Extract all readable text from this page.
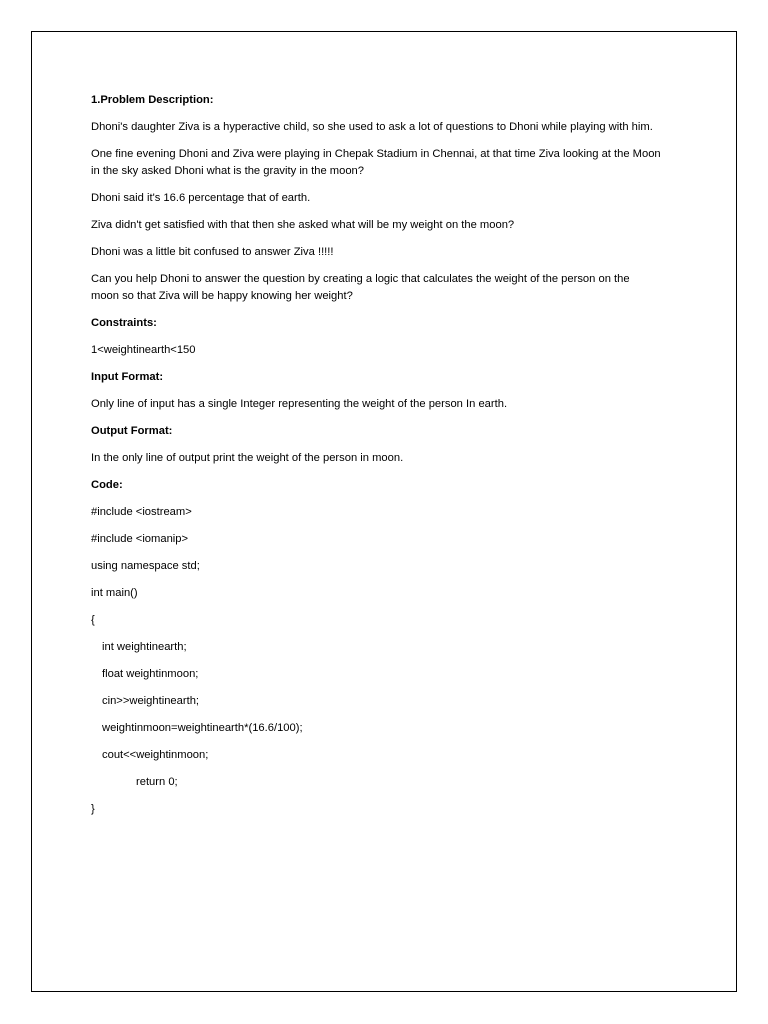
1.Problem Description:
Dhoni's daughter Ziva is a hyperactive child, so she used to ask a lot of questions to Dhoni while playing with him.
One fine evening Dhoni and Ziva were playing in Chepak Stadium in Chennai, at that time Ziva looking at the Moon
in the sky asked Dhoni what is the gravity in the moon?
Dhoni said it's 16.6 percentage that of earth.
Ziva didn't get satisfied with that then she asked what will be my weight on the moon?
Dhoni was a little bit confused to answer Ziva !!!!!
Can you help Dhoni to answer the question by creating a logic that calculates the weight of the person on the
moon so that Ziva will be happy knowing her weight?
Constraints:
1<weightinearth<150
Input Format:
Only line of input has a single Integer representing the weight of the person In earth.
Output Format:
In the only line of output print the weight of the person in moon.
Code:
#include <iostream>
#include <iomanip>
using namespace std;
int main()
{
int weightinearth;
float weightinmoon;
cin>>weightinearth;
weightinmoon=weightinearth*(16.6/100);
cout<<weightinmoon;
return 0;
}
